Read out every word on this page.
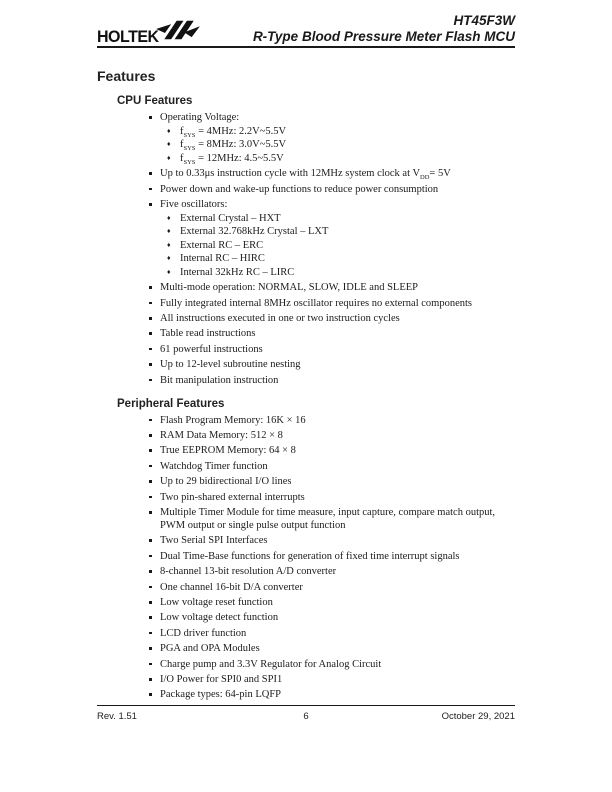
HOLTEK
HT45F3W
R-Type Blood Pressure Meter Flash MCU
Features
CPU Features
Operating Voltage:
♦
$f_{SYS} = 4MHz$: 2.2V~5.5V
♦
$f_{SYS} = 8MHz$: 3.0V~5.5V
♦
$f_{SYS} = 12MHz$: 4.5~5.5V
Up to 0.33μs instruction cycle with 12MHz system clock at $V_{DD}= 5V$
Power down and wake-up functions to reduce power consumption
Five oscillators:
♦
External Crystal – HXT
♦
External 32.768kHz Crystal – LXT
♦
External RC – ERC
♦
Internal RC – HIRC
♦
Internal 32kHz RC – LIRC
Multi-mode operation: NORMAL, SLOW, IDLE and SLEEP
Fully integrated internal 8MHz oscillator requires no external components
All instructions executed in one or two instruction cycles
Table read instructions
61 powerful instructions
Up to 12-level subroutine nesting
Bit manipulation instruction
Peripheral Features
Flash Program Memory: 16K × 16
RAM Data Memory: 512 × 8
True EEPROM Memory: 64 × 8
Watchdog Timer function
Up to 29 bidirectional I/O lines
Two pin-shared external interrupts
Multiple Timer Module for time measure, input capture, compare match output, PWM output or single pulse output function
Two Serial SPI Interfaces
Dual Time-Base functions for generation of fixed time interrupt signals
8-channel 13-bit resolution A/D converter
One channel 16-bit D/A converter
Low voltage reset function
Low voltage detect function
LCD driver function
PGA and OPA Modules
Charge pump and 3.3V Regulator for Analog Circuit
I/O Power for SPI0 and SPI1
Package types: 64-pin LQFP
Rev. 1.51	6	October 29, 2021
